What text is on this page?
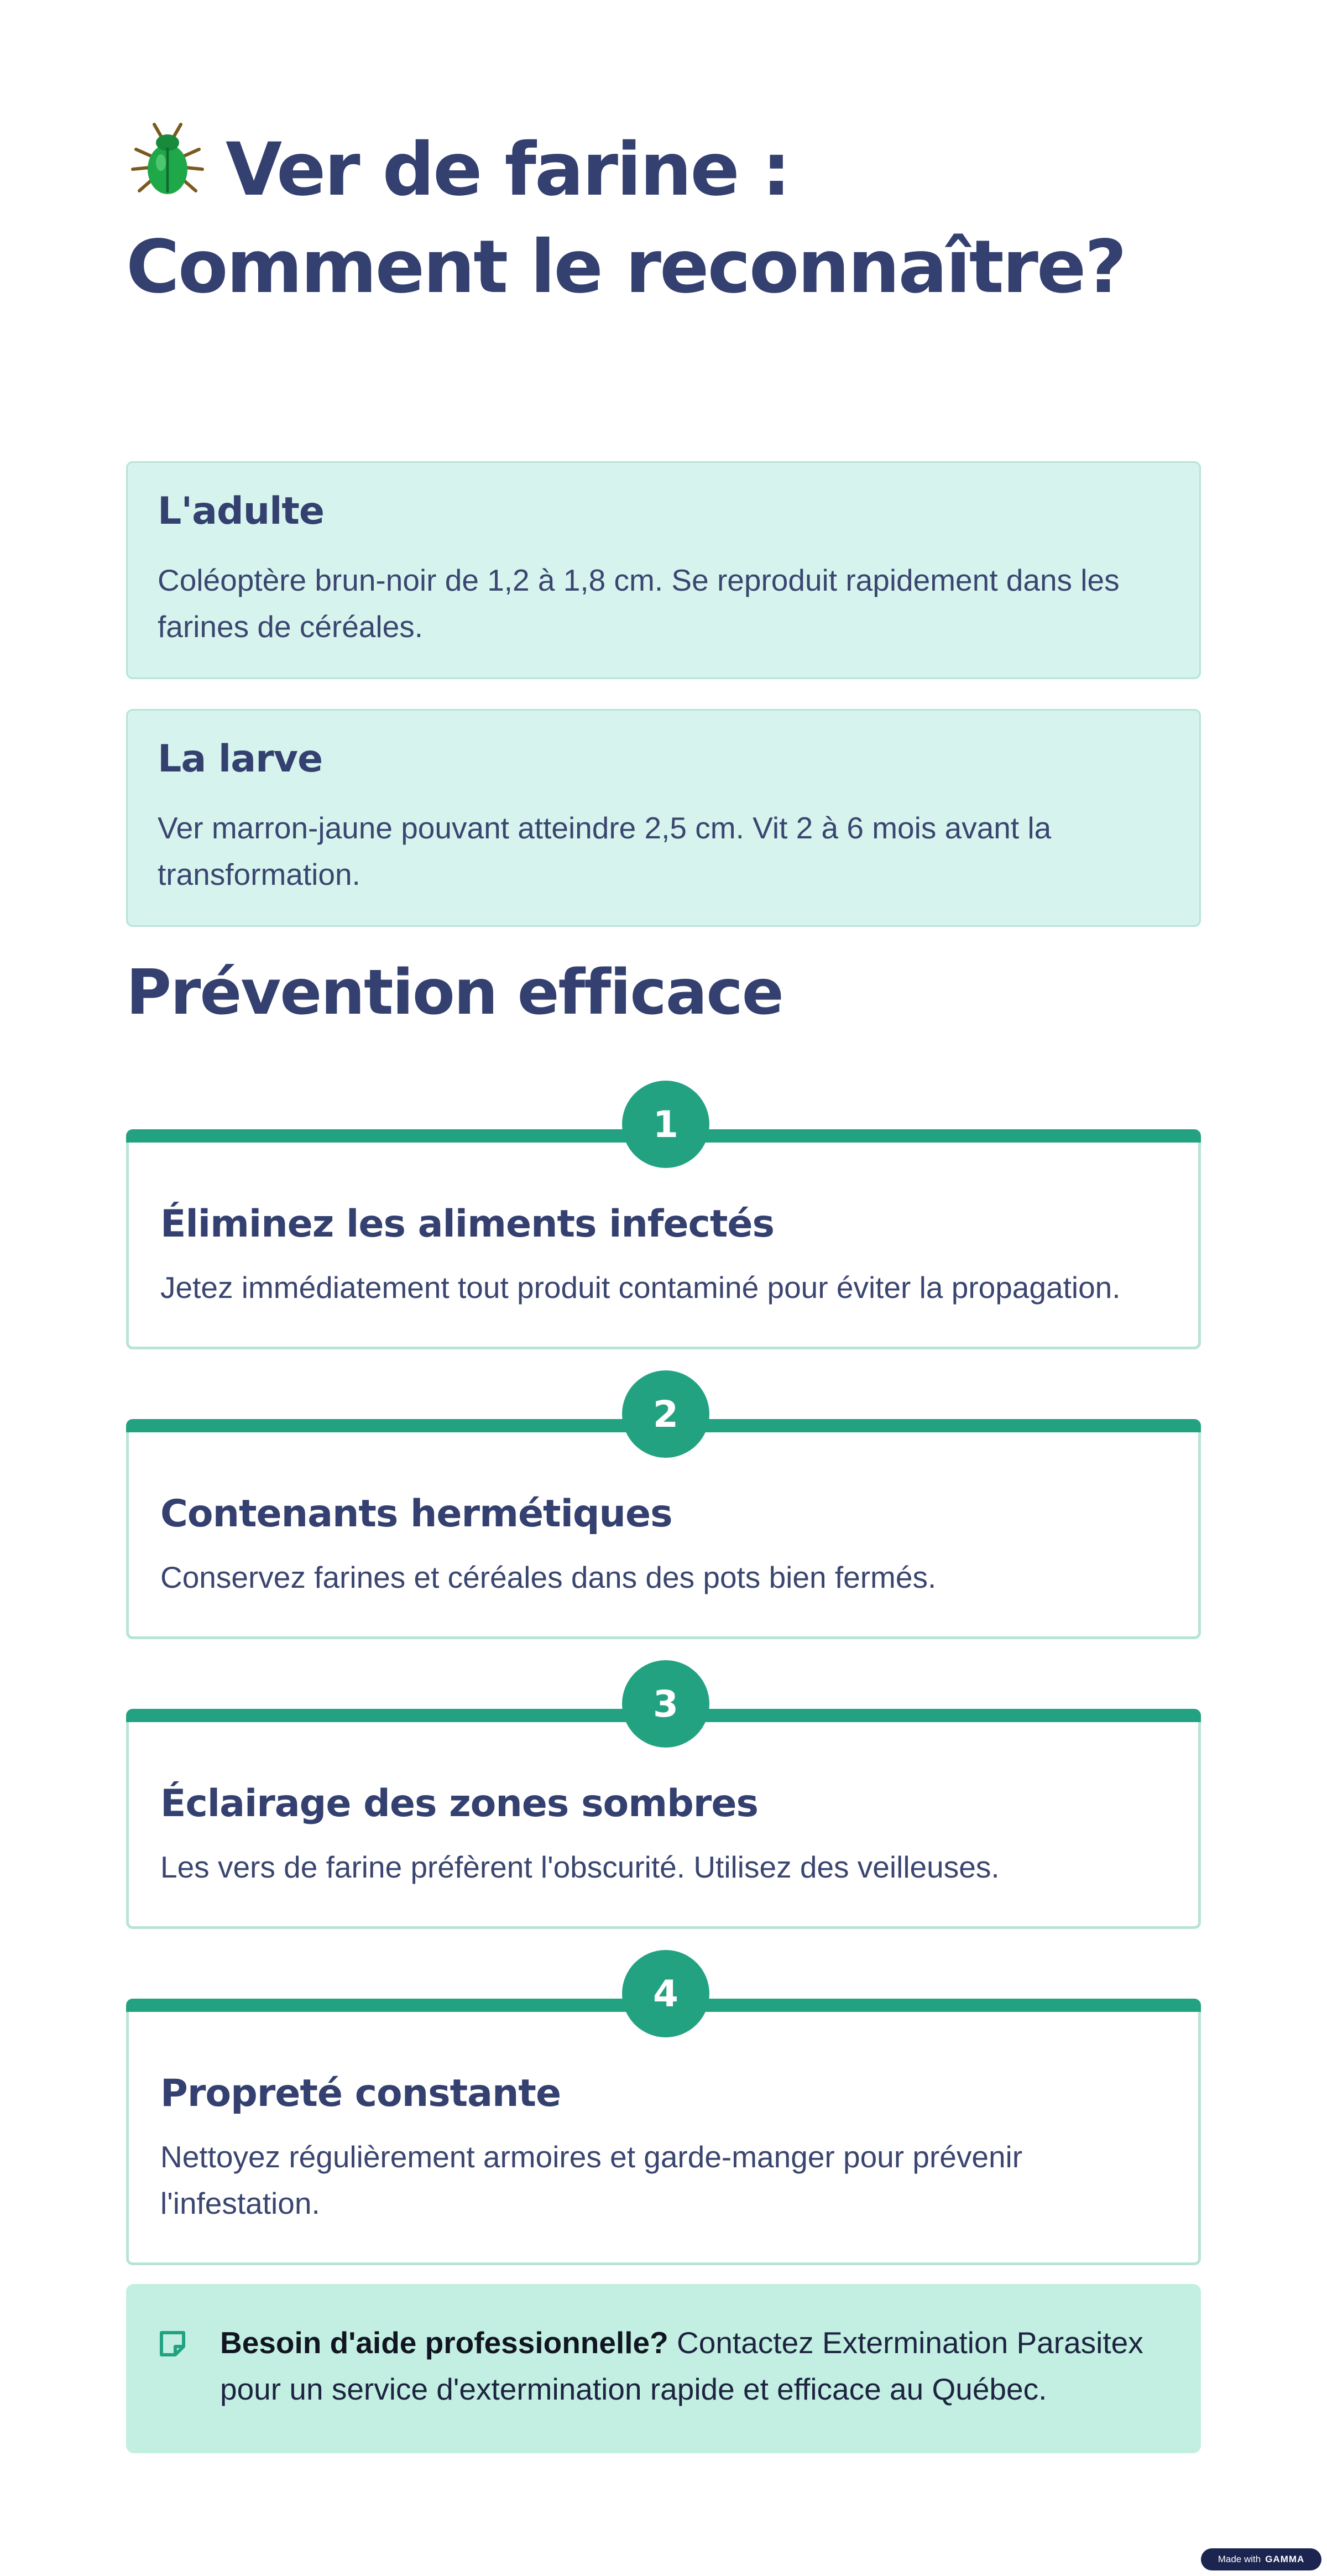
Ver de farine : Comment le reconnaître?
L'adulte

Coléoptère brun-noir de 1,2 à 1,8 cm. Se reproduit rapidement dans les farines de céréales.

La larve

Ver marron-jaune pouvant atteindre 2,5 cm. Vit 2 à 6 mois avant la transformation.

Prévention efficace
1
Éliminez les aliments infectés

Jetez immédiatement tout produit contaminé pour éviter la propagation.

2
Contenants hermétiques

Conservez farines et céréales dans des pots bien fermés.

3
Éclairage des zones sombres

Les vers de farine préfèrent l'obscurité. Utilisez des veilleuses.

4
Propreté constante

Nettoyez régulièrement armoires et garde-manger pour prévenir l'infestation.

Besoin d'aide professionnelle? Contactez Extermination Parasitex pour un service d'extermination rapide et efficace au Québec.

Made with GAMMA
